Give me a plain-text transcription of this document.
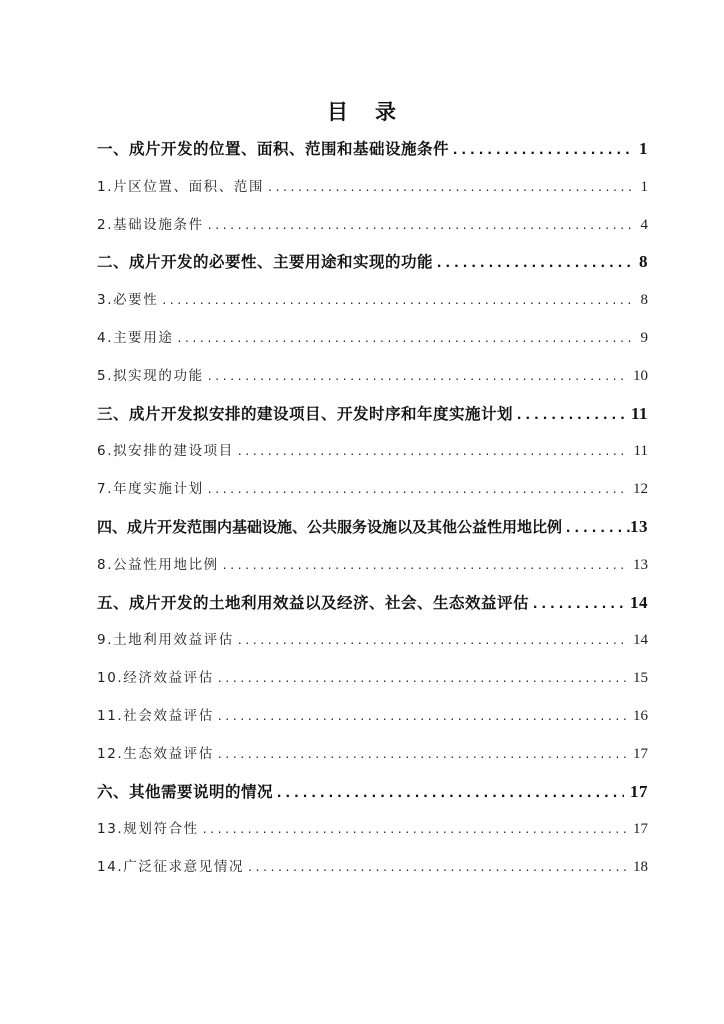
目 录
一、成片开发的位置、面积、范围和基础设施条件 . . .	1
1.片区位置、面积、范围 . . .	1
2.基础设施条件 . . .	4
二、成片开发的必要性、主要用途和实现的功能 . . .	8
3.必要性 . . .	8
4.主要用途 . . .	9
5.拟实现的功能 . . .	10
三、成片开发拟安排的建设项目、开发时序和年度实施计划 . . .	11
6.拟安排的建设项目 . . .	11
7.年度实施计划 . . .	12
四、成片开发范围内基础设施、公共服务设施以及其他公益性用地比例 . . .	13
8.公益性用地比例 . . .	13
五、成片开发的土地利用效益以及经济、社会、生态效益评估 . . .	14
9.土地利用效益评估 . . .	14
10.经济效益评估 . . .	15
11.社会效益评估 . . .	16
12.生态效益评估 . . .	17
六、其他需要说明的情况 . . .	17
13.规划符合性 . . .	17
14.广泛征求意见情况 . . .	18
